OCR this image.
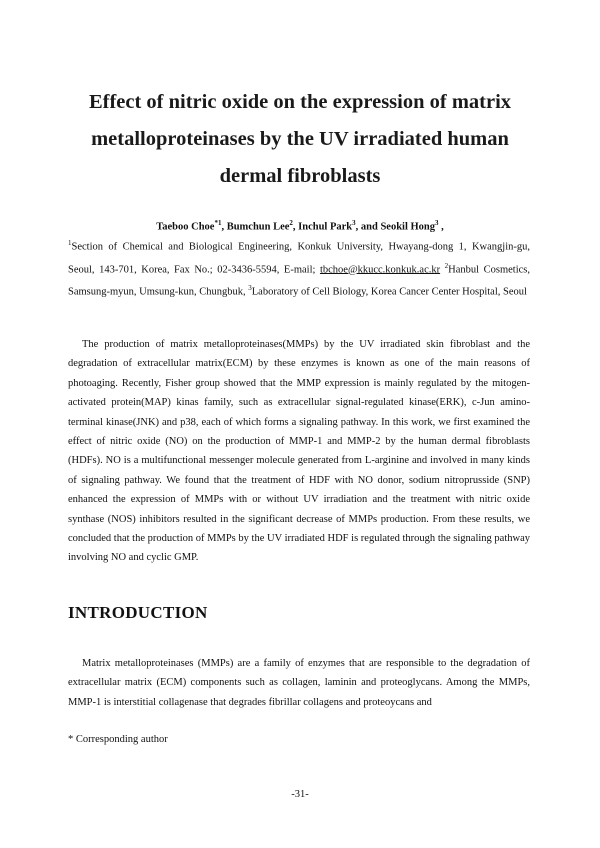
Effect of nitric oxide on the expression of matrix
metalloproteinases by the UV irradiated human
dermal fibroblasts
Taeboo Choe$^{*1}$, Bumchun Lee$^2$, Inchul Park$^3$, and Seokil Hong$^3$ ,
$^1$Section of Chemical and Biological Engineering, Konkuk University, Hwayang-dong 1, Kwangjin-gu, Seoul, 143-701, Korea, Fax No.; 02-3436-5594, E-mail; tbchoe@kkucc.konkuk.ac.kr $^2$Hanbul Cosmetics, Samsung-myun, Umsung-kun, Chungbuk, $^3$Laboratory of Cell Biology, Korea Cancer Center Hospital, Seoul
The production of matrix metalloproteinases(MMPs) by the UV irradiated skin fibroblast and the degradation of extracellular matrix(ECM) by these enzymes is known as one of the main reasons of photoaging. Recently, Fisher group showed that the MMP expression is mainly regulated by the mitogen-activated protein(MAP) kinas family, such as extracellular signal-regulated kinase(ERK), c-Jun amino-terminal kinase(JNK) and p38, each of which forms a signaling pathway. In this work, we first examined the effect of nitric oxide (NO) on the production of MMP-1 and MMP-2 by the human dermal fibroblasts (HDFs). NO is a multifunctional messenger molecule generated from L-arginine and involved in many kinds of signaling pathway. We found that the treatment of HDF with NO donor, sodium nitroprusside (SNP) enhanced the expression of MMPs with or without UV irradiation and the treatment with nitric oxide synthase (NOS) inhibitors resulted in the significant decrease of MMPs production. From these results, we concluded that the production of MMPs by the UV irradiated HDF is regulated through the signaling pathway involving NO and cyclic GMP.
INTRODUCTION
Matrix metalloproteinases (MMPs) are a family of enzymes that are responsible to the degradation of extracellular matrix (ECM) components such as collagen, laminin and proteoglycans. Among the MMPs, MMP-1 is interstitial collagenase that degrades fibrillar collagens and proteoycans and
* Corresponding author
-31-
